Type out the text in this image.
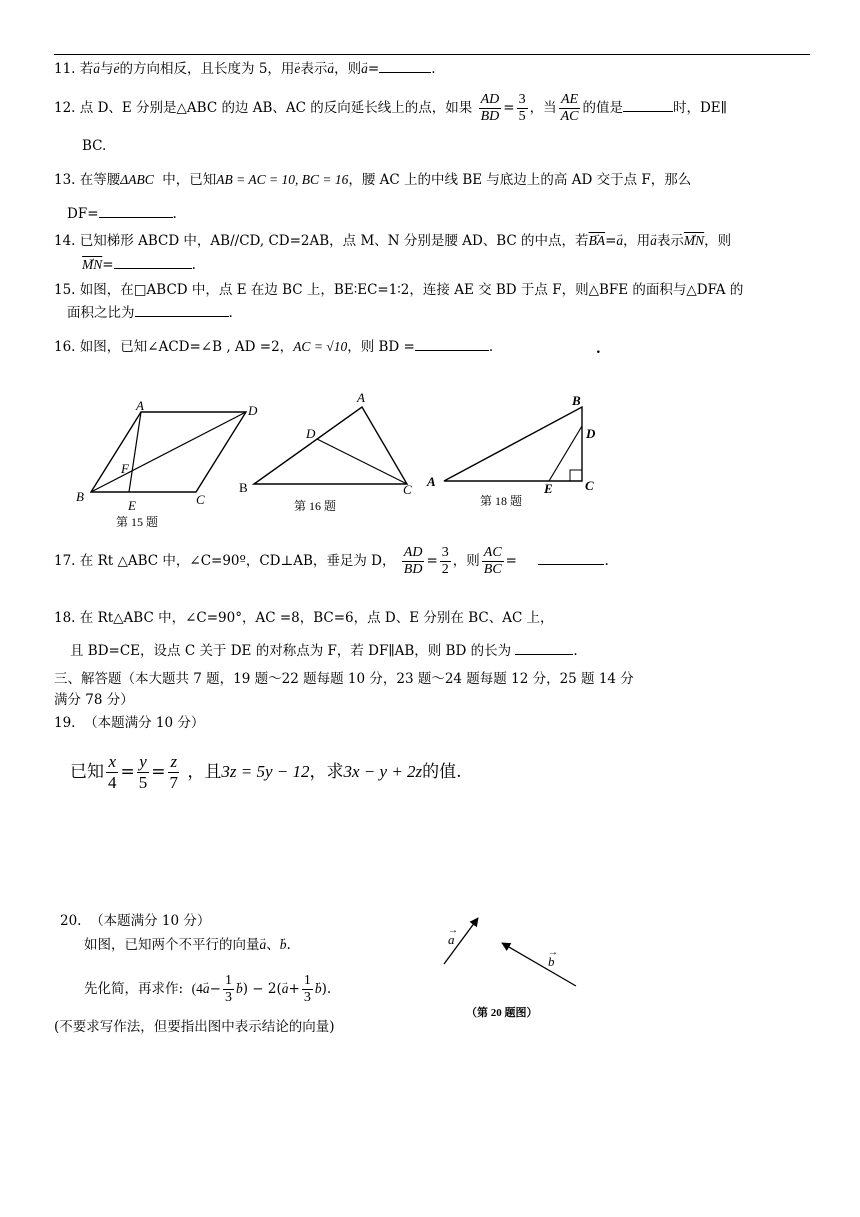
11. 若→ a与→ e的方向相反，且长度为 5，用→ e表示→ a，则→ a=	.
12. 点 D、E 分别是△ABC 的边 AB、AC 的反向延长线上的点，如果 $\frac{AD}{BD} = \frac{3}{5}$ ，当 $\frac{AE}{AC}$ 的值是	时，DE∥
BC.
13. 在等腰ΔABC 中，已知AB = AC = 10, BC = 16，腰 AC 上的中线 BE 与底边上的高 AD 交于点 F，那么
DF=	.
14. 已知梯形 ABCD 中，AB//CD, CD=2AB，点 M、N 分别是腰 AD、BC 的中点，若→ $\overline{BA}=\to a$，用→ a表示→ $\overline{MN}$，则
→ $\overline{MN}=$	.
15. 如图，在□ABCD 中，点 E 在边 BC 上，BE∶EC=1∶2，连接 AE 交 BD 于点 F，则△BFE 的面积与△DFA 的
面积之比为	.
16. 如图，已知∠ACD=∠B , AD =2，AC = √10，则 BD =	.	.
A	D
B	C
E
F
第 15 题
A
D
B	C
第 16 题
B
D
A	E C
第 18 题
17. 在 Rt △ABC 中，∠C=90º，CD⊥AB，垂足为 D， $\frac{AD}{BD} = \frac{3}{2}$ ，则 $\frac{AC}{BC}$ =	.
18. 在 Rt△ABC 中，∠C=90°，AC =8，BC=6，点 D、E 分别在 BC、AC 上，
且 BD=CE，设点 C 关于 DE 的对称点为 F，若 DF∥AB，则 BD 的长为	.
三、解答题（本大题共 7 题，19 题～22 题每题 10 分，23 题～24 题每题 12 分，25 题 14 分
满分 78 分）
19. （本题满分 10 分）
已知 $\frac{x}{4} = \frac{y}{5} = \frac{z}{7}$ ，且3z = 5y − 12，求3x − y + 2z的值.
20. （本题满分 10 分）
如图，已知两个不平行的向量→ a、→ b.
先化简，再求作: $(4\to a- \frac{1}{3} \to b) - 2(\to a+ \frac{1}{3} \to b)$.
(不要求写作法，但要指出图中表示结论的向量)
a
→
b
→
（第 20 题图）
